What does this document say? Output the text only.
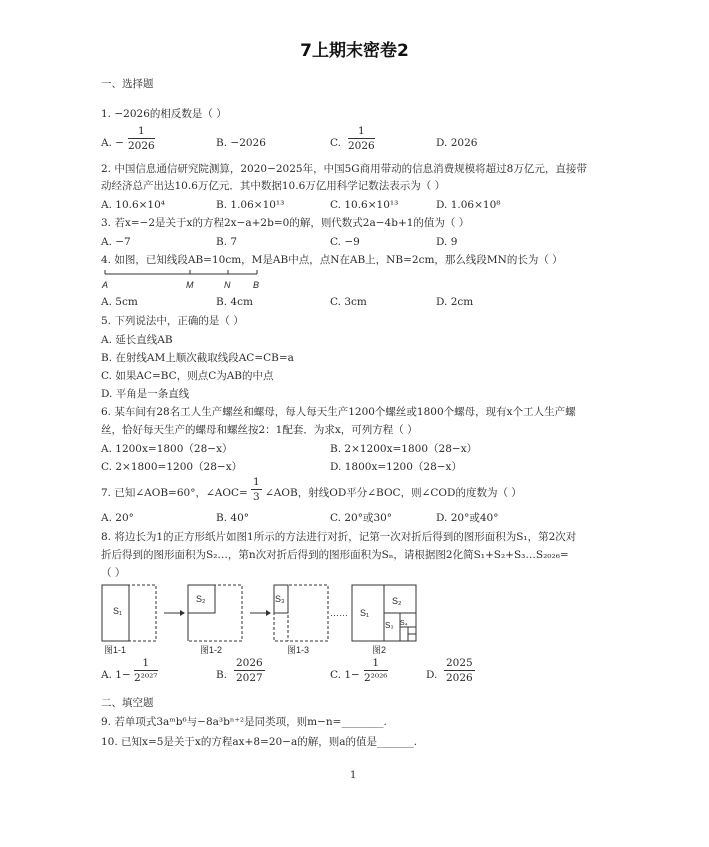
7上期末密卷2
一、选择题
1. −2026的相反数是（ ）
A. − $\frac{1}{2026}$	B. −2026	C. $\frac{1}{2026}$	D. 2026
2. 中国信息通信研究院测算，2020−2025年，中国5G商用带动的信息消费规模将超过8万亿元，直接带
动经济总产出达10.6万亿元．其中数据10.6万亿用科学记数法表示为（ ）
A. 10.6×10⁴	B. 1.06×10¹³	C. 10.6×10¹³	D. 1.06×10⁸
3. 若x=−2是关于x的方程2x−a+2b=0的解，则代数式2a−4b+1的值为（ ）
A. −7	B. 7	C. −9	D. 9
4. 如图，已知线段AB=10cm，M是AB中点，点N在AB上，NB=2cm，那么线段MN的长为（ ）
A	M	N	B
A. 5cm	B. 4cm	C. 3cm	D. 2cm
5. 下列说法中，正确的是（ ）
A. 延长直线AB
B. 在射线AM上顺次截取线段AC=CB=a
C. 如果AC=BC，则点C为AB的中点
D. 平角是一条直线
6. 某车间有28名工人生产螺丝和螺母，每人每天生产1200个螺丝或1800个螺母，现有x个工人生产螺
丝，恰好每天生产的螺母和螺丝按2：1配套．为求x，可列方程（ ）
A. 1200x=1800（28−x）	B. 2×1200x=1800（28−x）
C. 2×1800=1200（28−x）	D. 1800x=1200（28−x）
7. 已知∠AOB=60°，∠AOC= $\frac{1}{3}$ ∠AOB，射线OD平分∠BOC，则∠COD的度数为（ ）
A. 20°	B. 40°	C. 20°或30°	D. 20°或40°
8. 将边长为1的正方形纸片如图1所示的方法进行对折，记第一次对折后得到的图形面积为S₁，第2次对
折后得到的图形面积为S₂…，第n次对折后得到的图形面积为Sₙ，请根据图2化简S₁+S₂+S₃…S₂₀₂₆=
（ ）
S₁
S₂	S₃
…… S₁
S₂
S₃ S₄
图1-1	图1-2	图1-3	图2
A. $1- \frac{1}{\text{2²⁰²⁷}}$	B. $\frac{2026}{2027}$	C. $1- \frac{1}{\text{2²⁰²⁶}}$	D. $\frac{2025}{2026}$
二、填空题
9. 若单项式3aᵐb⁶与−8a³bⁿ⁺²是同类项，则m−n=________.
10. 已知x=5是关于x的方程ax+8=20−a的解，则a的值是_______.
1
